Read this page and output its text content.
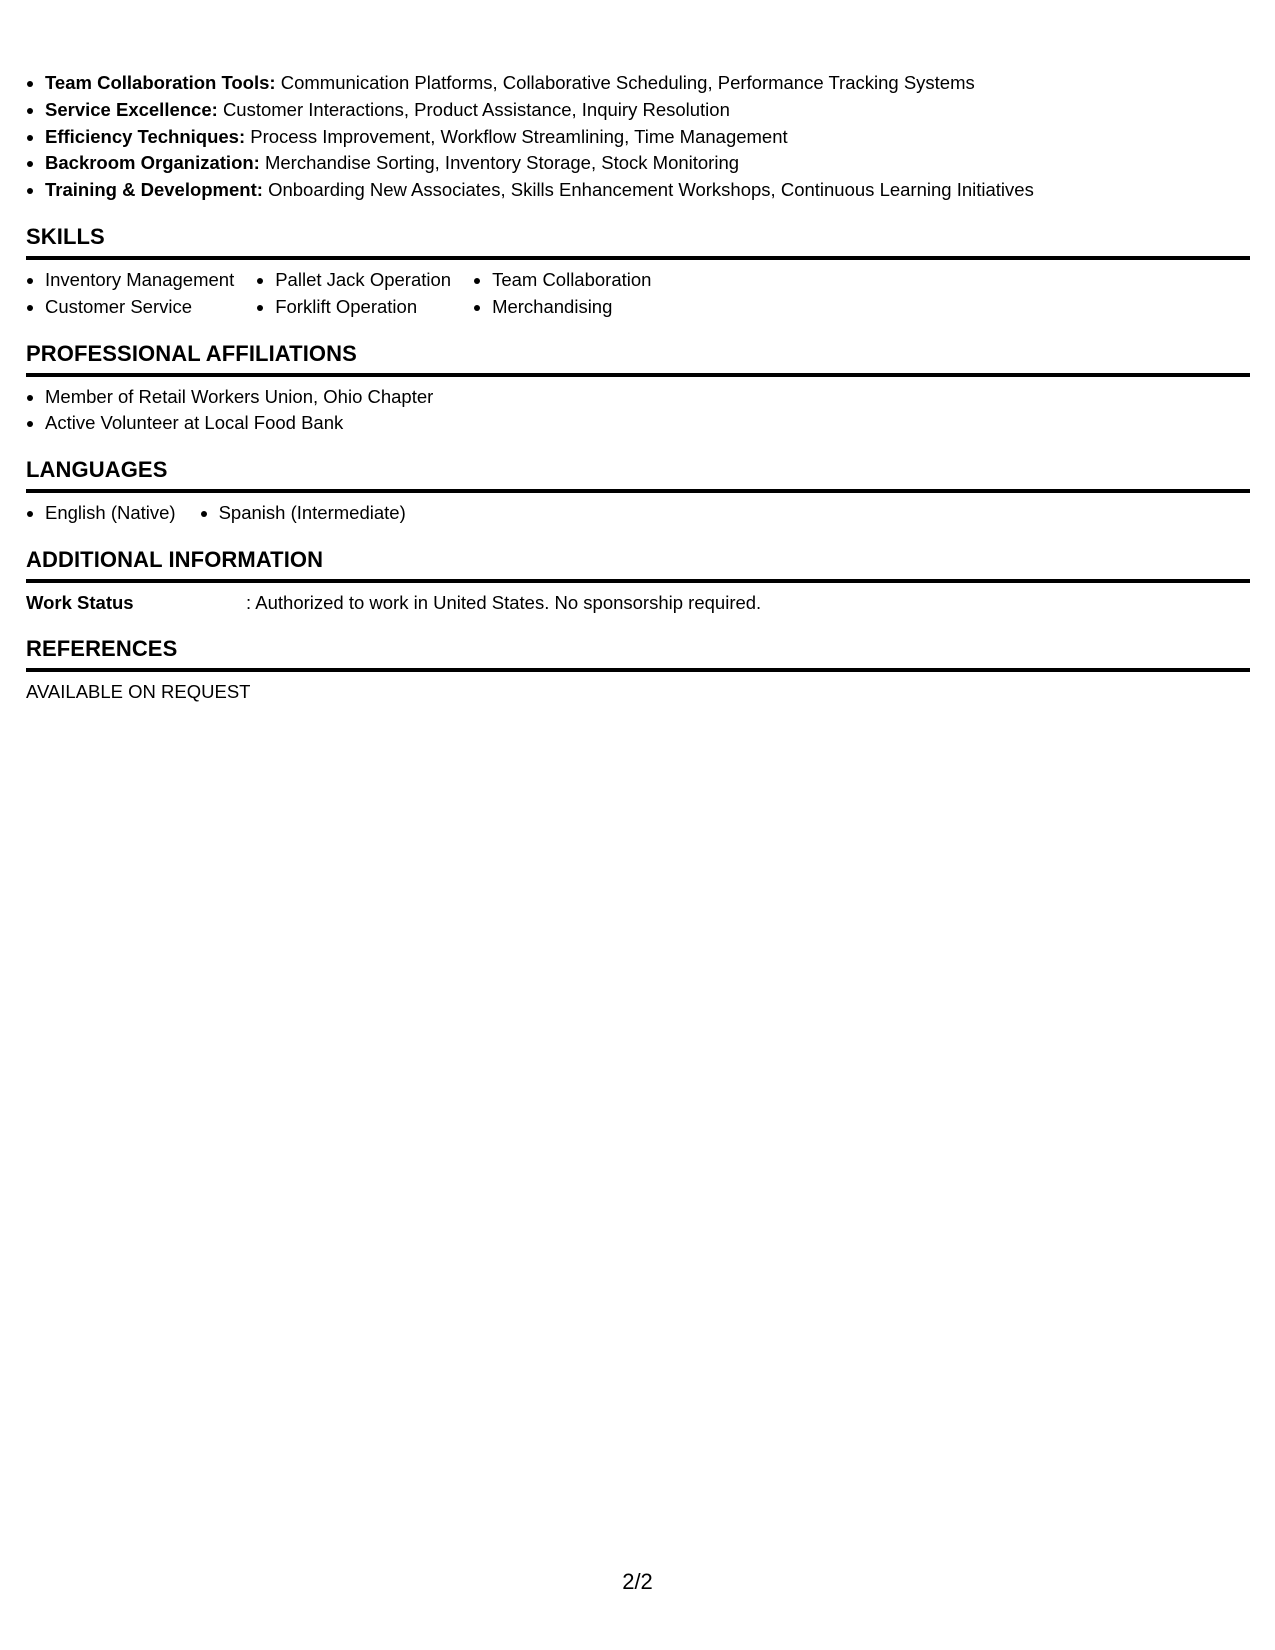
Team Collaboration Tools: Communication Platforms, Collaborative Scheduling, Performance Tracking Systems
Service Excellence: Customer Interactions, Product Assistance, Inquiry Resolution
Efficiency Techniques: Process Improvement, Workflow Streamlining, Time Management
Backroom Organization: Merchandise Sorting, Inventory Storage, Stock Monitoring
Training & Development: Onboarding New Associates, Skills Enhancement Workshops, Continuous Learning Initiatives
SKILLS
Inventory Management
Customer Service
Pallet Jack Operation
Forklift Operation
Team Collaboration
Merchandising
PROFESSIONAL AFFILIATIONS
Member of Retail Workers Union, Ohio Chapter
Active Volunteer at Local Food Bank
LANGUAGES
English (Native)	Spanish (Intermediate)
ADDITIONAL INFORMATION
Work Status	: Authorized to work in United States. No sponsorship required.
REFERENCES
AVAILABLE ON REQUEST
2/2
